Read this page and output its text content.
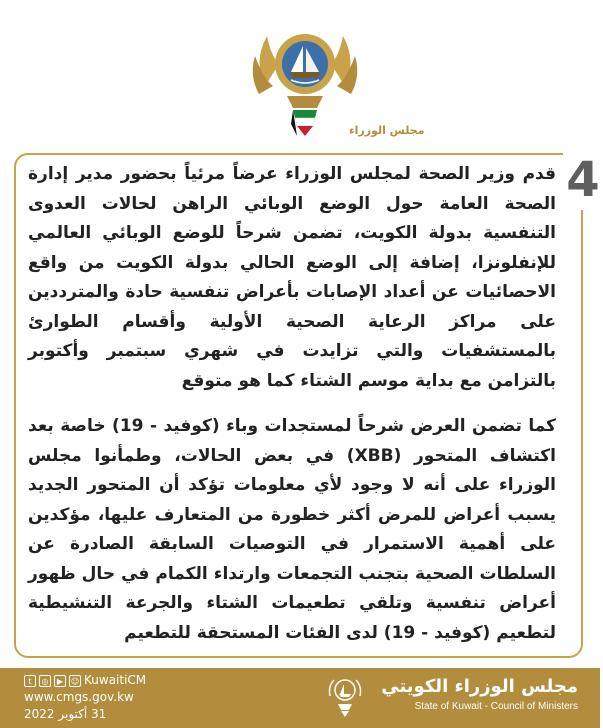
مجلس الوزراء
4

قدم وزير الصحة لمجلس الوزراء عرضاً مرئياً بحضور مدير إدارة الصحة العامة حول الوضع الوبائي الراهن لحالات العدوى التنفسية بدولة الكويت، تضمن شرحاً للوضع الوبائي العالمي للإنفلونزا، إضافة إلى الوضع الحالي بدولة الكويت من واقع الاحصائيات عن أعداد الإصابات بأعراض تنفسية حادة والمترددين على مراكز الرعاية الصحية الأولية وأقسام الطوارئ بالمستشفيات والتي تزايدت في شهري سبتمبر وأكتوبر بالتزامن مع بداية موسم الشتاء كما هو متوقع

كما تضمن العرض شرحاً لمستجدات وباء (كوفيد - 19) خاصة بعد اكتشاف المتحور (XBB) في بعض الحالات، وطمأنوا مجلس الوزراء على أنه لا وجود لأي معلومات تؤكد أن المتحور الجديد يسبب أعراض للمرض أكثر خطورة من المتعارف عليها، مؤكدين على أهمية الاستمرار في التوصيات السابقة الصادرة عن السلطات الصحية بتجنب التجمعات وارتداء الكمام في حال ظهور أعراض تنفسية وتلقي تطعيمات الشتاء والجرعة التنشيطية لتطعيم (كوفيد - 19) لدى الفئات المستحقة للتطعيم

t	◎	▶ ☺ KuwaitiCM
www.cmgs.gov.kw
31 أكتوبر 2022
مجلس الوزراء الكويتي
State of Kuwait - Council of Ministers
